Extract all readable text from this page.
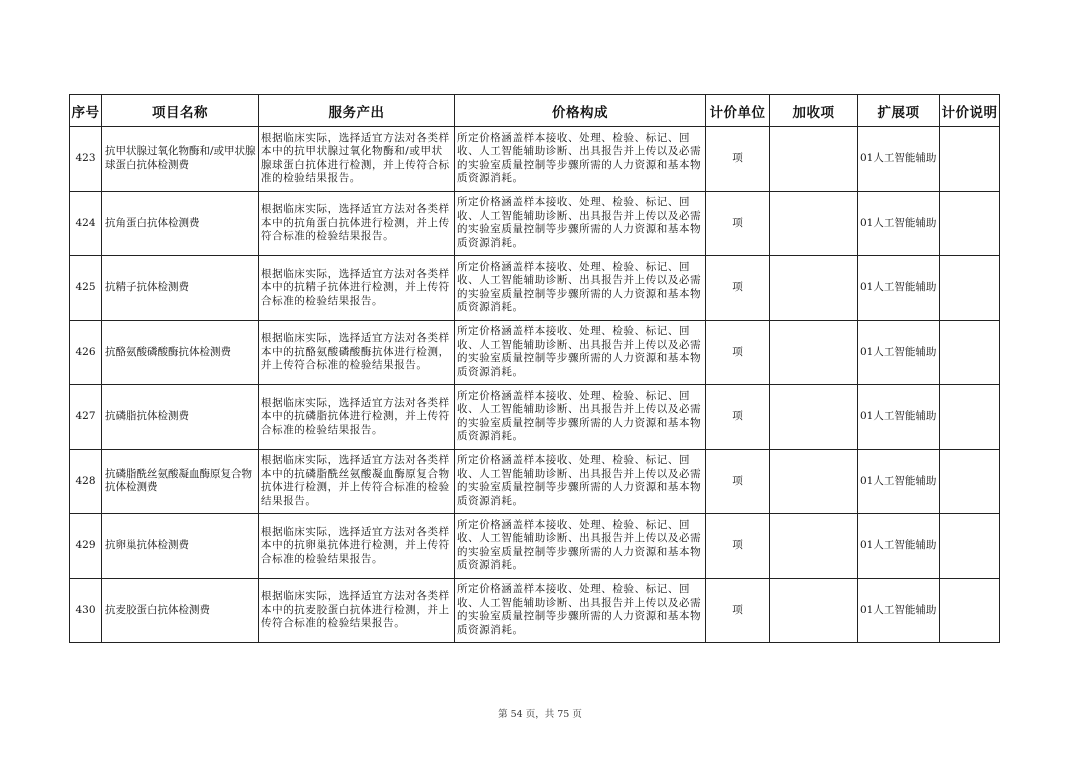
序号	项目名称	服务产出	价格构成	计价单位	加收项	扩展项	计价说明
423	抗甲状腺过氧化物酶和/或甲状腺球蛋白抗体检测费	根据临床实际，选择适宜方法对各类样本中的抗甲状腺过氧化物酶和/或甲状腺球蛋白抗体进行检测，并上传符合标准的检验结果报告。	所定价格涵盖样本接收、处理、检验、标记、回收、人工智能辅助诊断、出具报告并上传以及必需的实验室质量控制等步骤所需的人力资源和基本物质资源消耗。	项		01人工智能辅助	
424	抗角蛋白抗体检测费	根据临床实际，选择适宜方法对各类样本中的抗角蛋白抗体进行检测，并上传符合标准的检验结果报告。	所定价格涵盖样本接收、处理、检验、标记、回收、人工智能辅助诊断、出具报告并上传以及必需的实验室质量控制等步骤所需的人力资源和基本物质资源消耗。	项		01人工智能辅助	
425	抗精子抗体检测费	根据临床实际，选择适宜方法对各类样本中的抗精子抗体进行检测，并上传符合标准的检验结果报告。	所定价格涵盖样本接收、处理、检验、标记、回收、人工智能辅助诊断、出具报告并上传以及必需的实验室质量控制等步骤所需的人力资源和基本物质资源消耗。	项		01人工智能辅助	
426	抗酪氨酸磷酸酶抗体检测费	根据临床实际，选择适宜方法对各类样本中的抗酪氨酸磷酸酶抗体进行检测，并上传符合标准的检验结果报告。	所定价格涵盖样本接收、处理、检验、标记、回收、人工智能辅助诊断、出具报告并上传以及必需的实验室质量控制等步骤所需的人力资源和基本物质资源消耗。	项		01人工智能辅助	
427	抗磷脂抗体检测费	根据临床实际，选择适宜方法对各类样本中的抗磷脂抗体进行检测，并上传符合标准的检验结果报告。	所定价格涵盖样本接收、处理、检验、标记、回收、人工智能辅助诊断、出具报告并上传以及必需的实验室质量控制等步骤所需的人力资源和基本物质资源消耗。	项		01人工智能辅助	
428	抗磷脂酰丝氨酸凝血酶原复合物抗体检测费	根据临床实际，选择适宜方法对各类样本中的抗磷脂酰丝氨酸凝血酶原复合物抗体进行检测，并上传符合标准的检验结果报告。	所定价格涵盖样本接收、处理、检验、标记、回收、人工智能辅助诊断、出具报告并上传以及必需的实验室质量控制等步骤所需的人力资源和基本物质资源消耗。	项		01人工智能辅助	
429	抗卵巢抗体检测费	根据临床实际，选择适宜方法对各类样本中的抗卵巢抗体进行检测，并上传符合标准的检验结果报告。	所定价格涵盖样本接收、处理、检验、标记、回收、人工智能辅助诊断、出具报告并上传以及必需的实验室质量控制等步骤所需的人力资源和基本物质资源消耗。	项		01人工智能辅助	
430	抗麦胶蛋白抗体检测费	根据临床实际，选择适宜方法对各类样本中的抗麦胶蛋白抗体进行检测，并上传符合标准的检验结果报告。	所定价格涵盖样本接收、处理、检验、标记、回收、人工智能辅助诊断、出具报告并上传以及必需的实验室质量控制等步骤所需的人力资源和基本物质资源消耗。	项		01人工智能辅助	
第 54 页，共 75 页
